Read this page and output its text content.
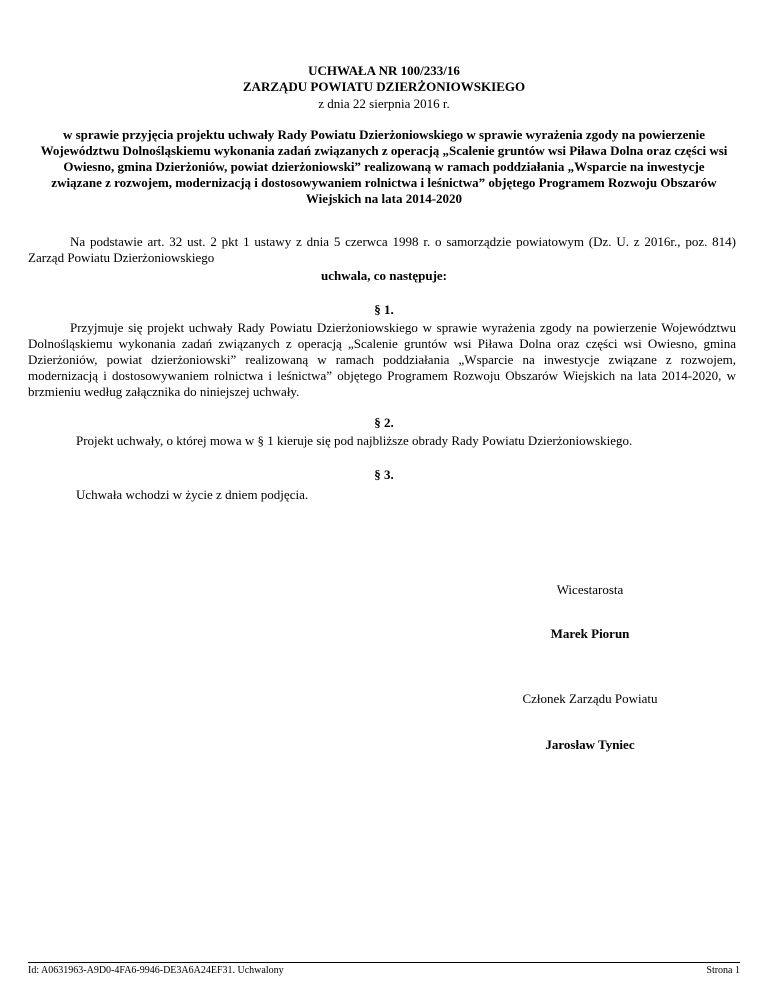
UCHWAŁA NR 100/233/16

ZARZĄDU POWIATU DZIERŻONIOWSKIEGO

z dnia 22 sierpnia 2016 r.

w sprawie przyjęcia projektu uchwały Rady Powiatu Dzierżoniowskiego w sprawie wyrażenia zgody na powierzenie Województwu Dolnośląskiemu wykonania zadań związanych z operacją „Scalenie gruntów wsi Piława Dolna oraz części wsi Owiesno, gmina Dzierżoniów, powiat dzierżoniowski” realizowaną w ramach poddziałania „Wsparcie na inwestycje związane z rozwojem, modernizacją i dostosowywaniem rolnictwa i leśnictwa” objętego Programem Rozwoju Obszarów Wiejskich na lata 2014-2020

Na podstawie art. 32 ust. 2 pkt 1 ustawy z dnia 5 czerwca 1998 r. o samorządzie powiatowym (Dz. U. z 2016r., poz. 814) Zarząd Powiatu Dzierżoniowskiego

uchwala, co następuje:

§ 1.

Przyjmuje się projekt uchwały Rady Powiatu Dzierżoniowskiego w sprawie wyrażenia zgody na powierzenie Województwu Dolnośląskiemu wykonania zadań związanych z operacją „Scalenie gruntów wsi Piława Dolna oraz części wsi Owiesno, gmina Dzierżoniów, powiat dzierżoniowski” realizowaną w ramach poddziałania „Wsparcie na inwestycje związane z rozwojem, modernizacją i dostosowywaniem rolnictwa i leśnictwa” objętego Programem Rozwoju Obszarów Wiejskich na lata 2014-2020, w brzmieniu według załącznika do niniejszej uchwały.

§ 2.

Projekt uchwały, o której mowa w § 1 kieruje się pod najbliższe obrady Rady Powiatu Dzierżoniowskiego.

§ 3.

Uchwała wchodzi w życie z dniem podjęcia.

Wicestarosta

Marek Piorun

Członek Zarządu Powiatu

Jarosław Tyniec

Id: A0631963-A9D0-4FA6-9946-DE3A6A24EF31. Uchwalony	Strona 1
